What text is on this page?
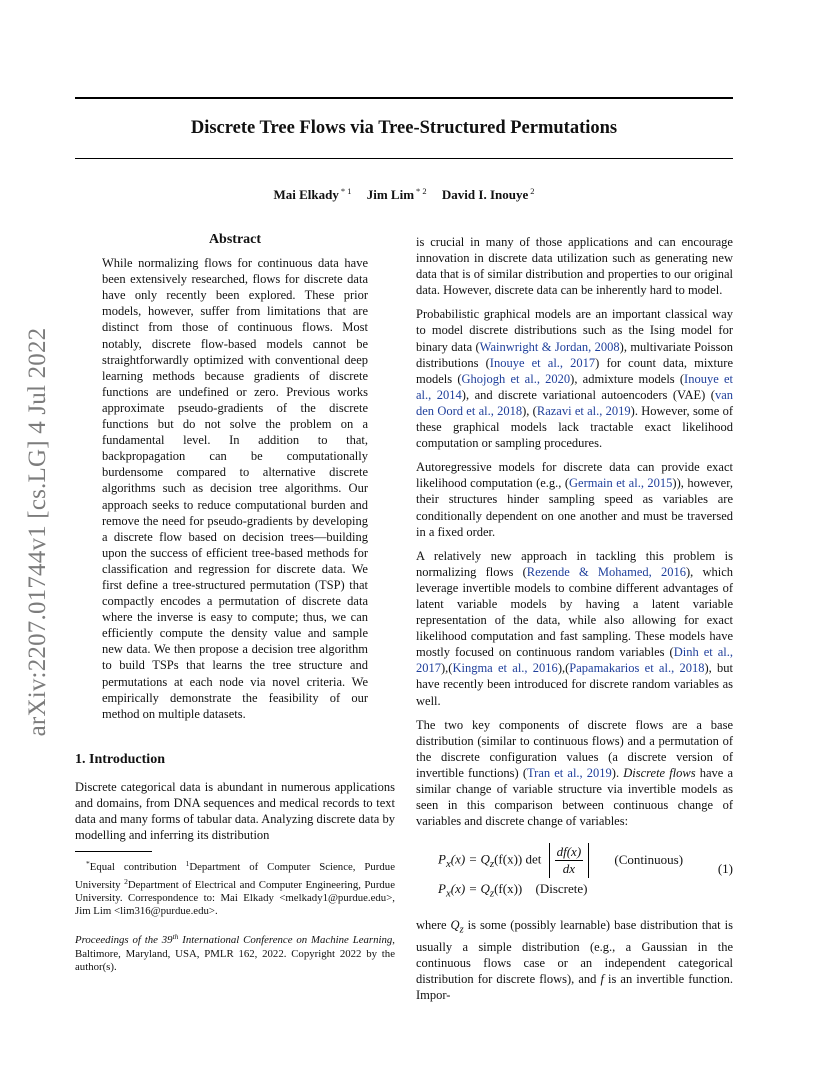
arXiv:2207.01744v1 [cs.LG] 4 Jul 2022
Discrete Tree Flows via Tree-Structured Permutations
Mai Elkady $^{* 1}$ Jim Lim $^{* 2}$ David I. Inouye $^2$
Abstract

While normalizing flows for continuous data have been extensively researched, flows for discrete data have only recently been explored. These prior models, however, suffer from limitations that are distinct from those of continuous flows. Most notably, discrete flow-based models cannot be straightforwardly optimized with conventional deep learning methods because gradients of discrete functions are undefined or zero. Previous works approximate pseudo-gradients of the discrete functions but do not solve the problem on a fundamental level. In addition to that, backpropagation can be computationally burdensome compared to alternative discrete algorithms such as decision tree algorithms. Our approach seeks to reduce computational burden and remove the need for pseudo-gradients by developing a discrete flow based on decision trees—building upon the success of efficient tree-based methods for classification and regression for discrete data. We first define a tree-structured permutation (TSP) that compactly encodes a permutation of discrete data where the inverse is easy to compute; thus, we can efficiently compute the density value and sample new data. We then propose a decision tree algorithm to build TSPs that learns the tree structure and permutations at each node via novel criteria. We empirically demonstrate the feasibility of our method on multiple datasets.

1. Introduction

Discrete categorical data is abundant in numerous applications and domains, from DNA sequences and medical records to text data and many forms of tabular data. Analyzing discrete data by modelling and inferring its distribution

*Equal contribution $^1$Department of Computer Science, Purdue University $^2$Department of Electrical and Computer Engineering, Purdue University. Correspondence to: Mai Elkady <melkady1@purdue.edu>, Jim Lim <lim316@purdue.edu>.

Proceedings of the 39th International Conference on Machine Learning, Baltimore, Maryland, USA, PMLR 162, 2022. Copyright 2022 by the author(s).

is crucial in many of those applications and can encourage innovation in discrete data utilization such as generating new data that is of similar distribution and properties to our original data. However, discrete data can be inherently hard to model.

Probabilistic graphical models are an important classical way to model discrete distributions such as the Ising model for binary data (Wainwright & Jordan, 2008), multivariate Poisson distributions (Inouye et al., 2017) for count data, mixture models (Ghojogh et al., 2020), admixture models (Inouye et al., 2014), and discrete variational autoencoders (VAE) (van den Oord et al., 2018), (Razavi et al., 2019). However, some of these graphical models lack tractable exact likelihood computation or sampling procedures.

Autoregressive models for discrete data can provide exact likelihood computation (e.g., (Germain et al., 2015)), however, their structures hinder sampling speed as variables are conditionally dependent on one another and must be traversed in a fixed order.

A relatively new approach in tackling this problem is normalizing flows (Rezende & Mohamed, 2016), which leverage invertible models to combine different advantages of latent variable models by having a latent variable representation of the data, while also allowing for exact likelihood computation and fast sampling. These models have mostly focused on continuous random variables (Dinh et al., 2017),(Kingma et al., 2016),(Papamakarios et al., 2018), but have recently been introduced for discrete random variables as well.

The two key components of discrete flows are a base distribution (similar to continuous flows) and a permutation of the discrete configuration values (a discrete version of invertible functions) (Tran et al., 2019). Discrete flows have a similar change of variable structure via invertible models as seen in this comparison between continuous change of variables and discrete change of variables:

$P_x(x) = Q_z(f(x))$ $\det \frac{df(x)}{dx}$ (Continuous)
$P_x(x) = Q_z(f(x))$ (Discrete)
(1)

where $Q_z$ is some (possibly learnable) base distribution that is usually a simple distribution (e.g., a Gaussian in the continuous flows case or an independent categorical distribution for discrete flows), and f is an invertible function. Impor-
